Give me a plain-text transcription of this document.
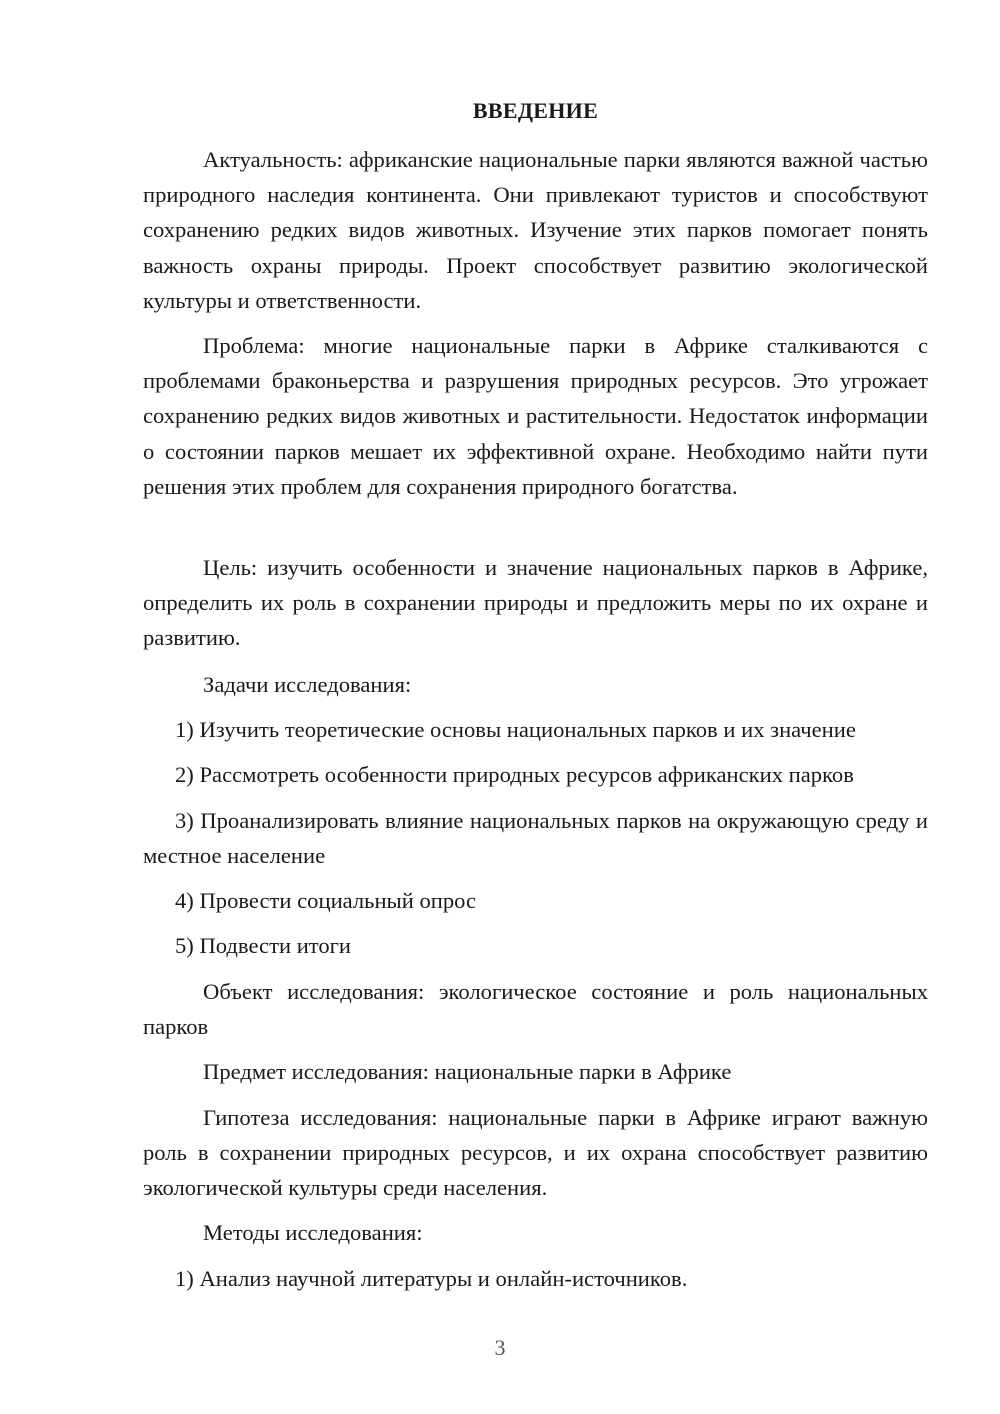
ВВЕДЕНИЕ

Актуальность: африканские национальные парки являются важной частью природного наследия континента. Они привлекают туристов и способствуют сохранению редких видов животных. Изучение этих парков помогает понять важность охраны природы. Проект способствует развитию экологической культуры и ответственности.

Проблема: многие национальные парки в Африке сталкиваются с проблемами браконьерства и разрушения природных ресурсов. Это угрожает сохранению редких видов животных и растительности. Недостаток информации о состоянии парков мешает их эффективной охране. Необходимо найти пути решения этих проблем для сохранения природного богатства.

Цель: изучить особенности и значение национальных парков в Африке, определить их роль в сохранении природы и предложить меры по их охране и развитию.

Задачи исследования:

1) Изучить теоретические основы национальных парков и их значение

2) Рассмотреть особенности природных ресурсов африканских парков

3) Проанализировать влияние национальных парков на окружающую среду и местное население

4) Провести социальный опрос

5) Подвести итоги

Объект исследования: экологическое состояние и роль национальных парков

Предмет исследования: национальные парки в Африке

Гипотеза исследования: национальные парки в Африке играют важную роль в сохранении природных ресурсов, и их охрана способствует развитию экологической культуры среди населения.

Методы исследования:

1) Анализ научной литературы и онлайн-источников.

3
